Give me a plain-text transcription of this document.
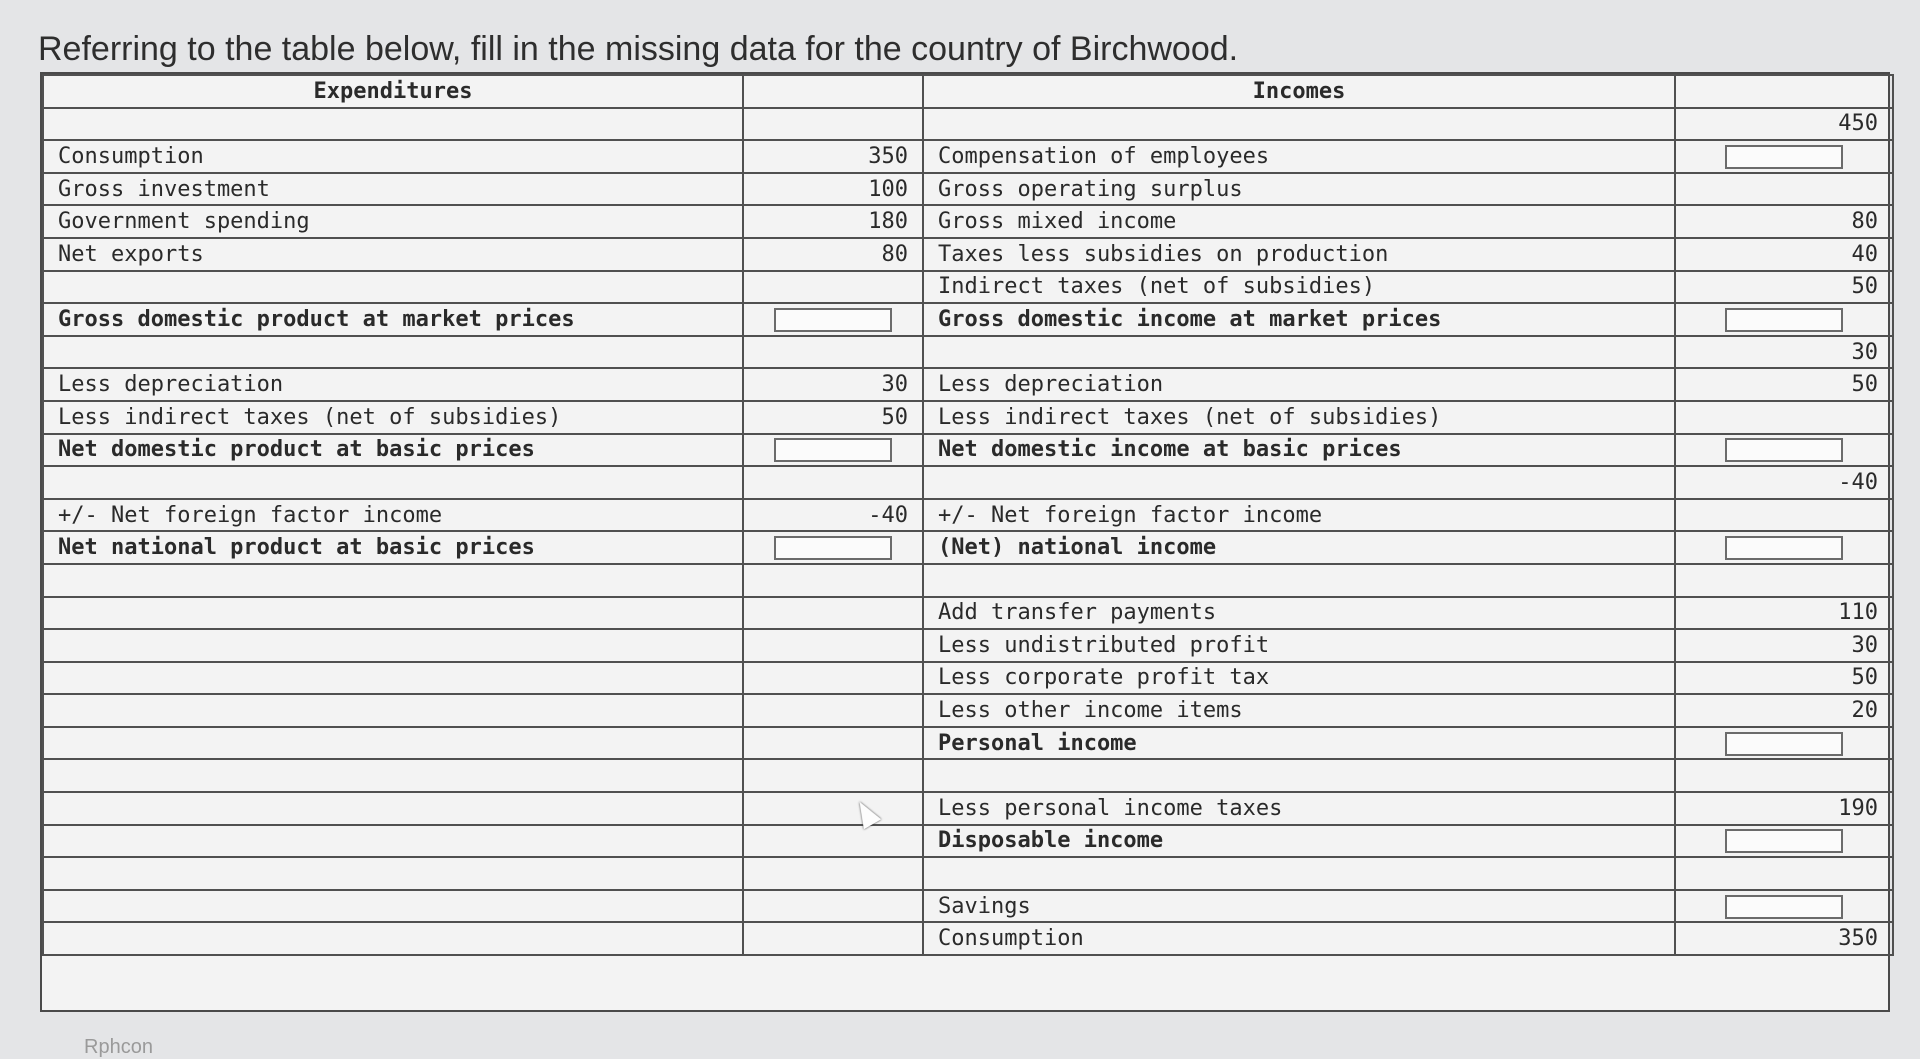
Referring to the table below, fill in the missing data for the country of Birchwood.
Expenditures		Incomes	
			450
Consumption	350	Compensation of employees	
Gross investment	100	Gross operating surplus	
Government spending	180	Gross mixed income	80
Net exports	80	Taxes less subsidies on production	40
		Indirect taxes (net of subsidies)	50
Gross domestic product at market prices		Gross domestic income at market prices	
			30
Less depreciation	30	Less depreciation	50
Less indirect taxes (net of subsidies)	50	Less indirect taxes (net of subsidies)	
Net domestic product at basic prices		Net domestic income at basic prices	
			-40
+/- Net foreign factor income	-40	+/- Net foreign factor income	
Net national product at basic prices		(Net) national income	

		Add transfer payments	110
		Less undistributed profit	30
		Less corporate profit tax	50
		Less other income items	20
		Personal income	

		Less personal income taxes	190
		Disposable income	

		Savings	
		Consumption	350
Rphcon
